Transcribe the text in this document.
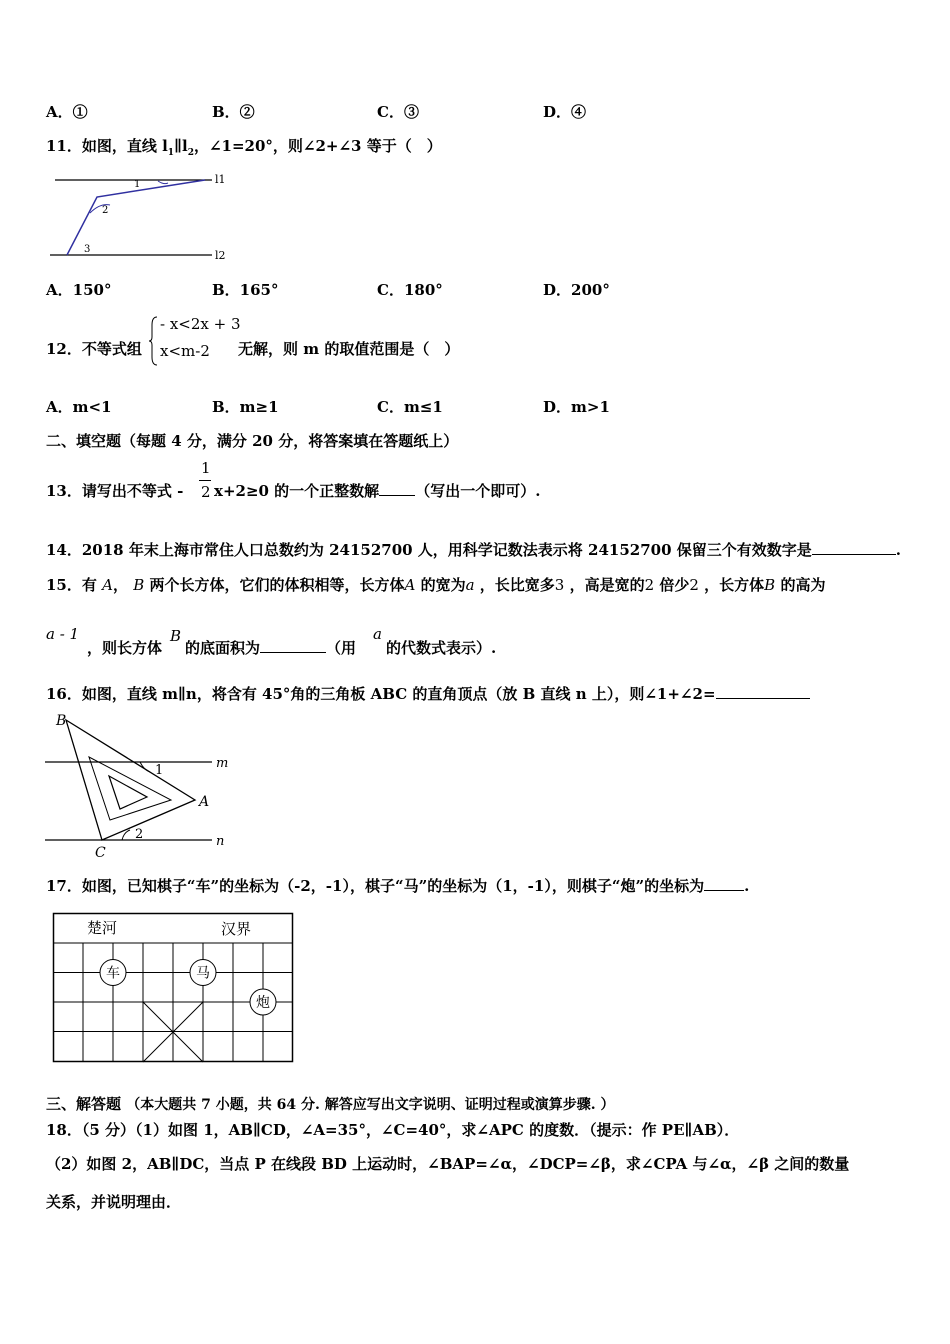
A．①	B．②	C．③	D．④
11．如图，直线 $l_1\parallel l_2$，∠1=20°，则∠2+∠3 等于（　）
1
2
3
l1
l2
A．150°	B．165°	C．180°	D．200°
12．不等式组
- x<2x + 3
x<m-2 无解，则 m 的取值范围是（　）
A．m<1	B．m≥1	C．m≤1	D．m>1
二、填空题（每题 4 分，满分 20 分，将答案填在答题纸上）
13．请写出不等式 -
1
2 x+2≥0 的一个正整数解 （写出一个即可）.
14．2018 年末上海市常住人口总数约为 24152700 人，用科学记数法表示将 24152700 保留三个有效数字是	.
15．有 A， B 两个长方体，它们的体积相等，长方体A 的宽为a ，长比宽多3 ，高是宽的2 倍少2 ，长方体B 的高为
a - 1
，则长方体
B
的底面积为	（用
a
的代数式表示）.
16．如图，直线 m∥n，将含有 45°角的三角板 ABC 的直角顶点（放 B 直线 n 上），则∠1+∠2=
B
A
C
m
n
1
2
17．如图，已知棋子“车”的坐标为（-2，-1），棋子“马”的坐标为（1，-1），则棋子“炮”的坐标为	.
楚河	汉界
车	马
炮
三、解答题 （本大题共 7 小题，共 64 分. 解答应写出文字说明、证明过程或演算步骤. ）
18．（5 分）（1）如图 1，AB∥CD，∠A=35°，∠C=40°，求∠APC 的度数．（提示：作 PE∥AB）．
（2）如图 2，AB∥DC，当点 P 在线段 BD 上运动时，∠BAP=∠α，∠DCP=∠β，求∠CPA 与∠α，∠β 之间的数量
关系，并说明理由．
